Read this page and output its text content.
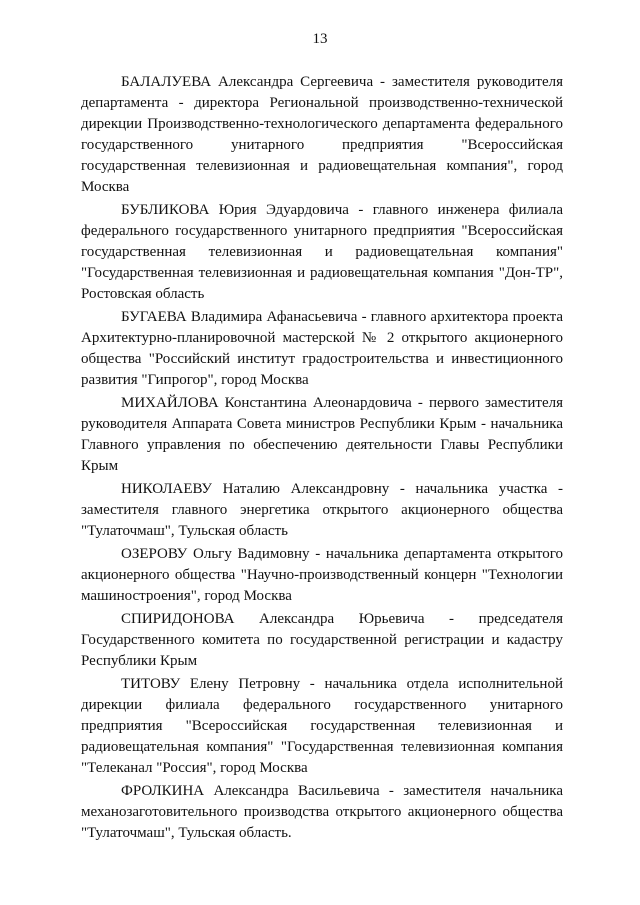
13

БАЛАЛУЕВА Александра Сергеевича - заместителя руководителя департамента - директора Региональной производственно-технической дирекции Производственно-технологического департамента федерального государственного унитарного предприятия "Всероссийская государственная телевизионная и радиовещательная компания", город Москва

БУБЛИКОВА Юрия Эдуардовича - главного инженера филиала федерального государственного унитарного предприятия "Всероссийская государственная телевизионная и радиовещательная компания" "Государственная телевизионная и радиовещательная компания "Дон-ТР", Ростовская область

БУГАЕВА Владимира Афанасьевича - главного архитектора проекта Архитектурно-планировочной мастерской № 2 открытого акционерного общества "Российский институт градостроительства и инвестиционного развития "Гипрогор", город Москва

МИХАЙЛОВА Константина Алеонардовича - первого заместителя руководителя Аппарата Совета министров Республики Крым - начальника Главного управления по обеспечению деятельности Главы Республики Крым

НИКОЛАЕВУ Наталию Александровну - начальника участка - заместителя главного энергетика открытого акционерного общества "Тулаточмаш", Тульская область

ОЗЕРОВУ Ольгу Вадимовну - начальника департамента открытого акционерного общества "Научно-производственный концерн "Технологии машиностроения", город Москва

СПИРИДОНОВА Александра Юрьевича - председателя Государственного комитета по государственной регистрации и кадастру Республики Крым

ТИТОВУ Елену Петровну - начальника отдела исполнительной дирекции филиала федерального государственного унитарного предприятия "Всероссийская государственная телевизионная и радиовещательная компания" "Государственная телевизионная компания "Телеканал "Россия", город Москва

ФРОЛКИНА Александра Васильевича - заместителя начальника механозаготовительного производства открытого акционерного общества "Тулаточмаш", Тульская область.
